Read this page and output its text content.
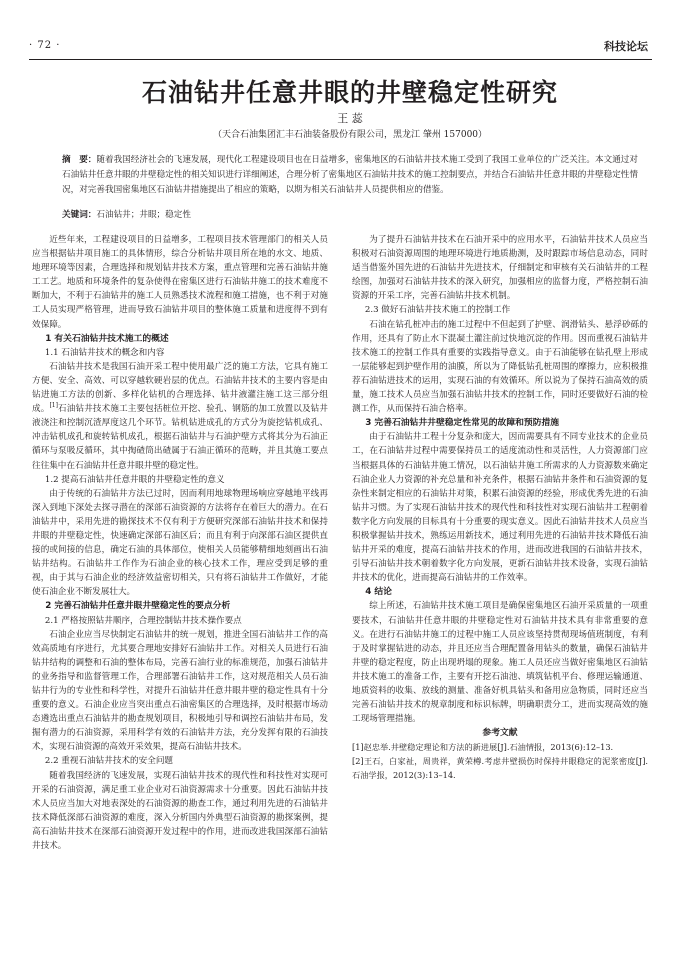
· 72 ·	科技论坛
石油钻井任意井眼的井壁稳定性研究
王 蕊
（天合石油集团汇丰石油装备股份有限公司，黑龙江 肇州 157000）
摘　要：随着我国经济社会的飞速发展，现代化工程建设项目也在日益增多，密集地区的石油钻井技术施工受到了我国工业单位的广泛关注。本文通过对石油钻井任意井眼的井壁稳定性的相关知识进行详细阐述，合理分析了密集地区石油钻井技术的施工控制要点，并结合石油钻井任意井眼的井壁稳定性情况，对完善我国密集地区石油钻井措施提出了相应的策略，以期为相关石油钻井人员提供相应的借鉴。
关键词：石油钻井；井眼；稳定性

近些年来，工程建设项目的日益增多，工程项目技术管理部门的相关人员应当根据钻井项目施工的具体情形，综合分析钻井项目所在地的水文、地质、地理环境等因素，合理选择和规划钻井技术方案，重点管理和完善石油钻井施工工艺。地质和环境条件的复杂使得在密集区进行石油钻井施工的技术难度不断加大，不利于石油钻井的施工人员熟悉技术流程和施工措施，也不利于对施工人员实现严格管理，进而导致石油钻井项目的整体施工质量和进度得不到有效保障。

1 有关石油钻井技术施工的概述
1.1 石油钻井技术的概念和内容

石油钻井技术是我国石油开采工程中使用最广泛的施工方法，它具有施工方便、安全、高效、可以穿越软硬岩层的优点。石油钻井技术的主要内容是由钻进施工方法的创新、多样化钻机的合理选择、钻井液灌注施工这三部分组成。[1]石油钻井技术施工主要包括桩位开挖、验孔、钢筋的加工放置以及钻井液浇注和控制沉渣厚度这几个环节。钻机钻进成孔的方式分为旋挖钻机成孔、冲击钻机成孔和旋转钻机成孔，根据石油钻井与石油护壁方式将其分为石油正循环与泵吸反循环，其中掏碴筒出碴属于石油正循环的范畴，并且其施工要点往往集中在石油钻井任意井眼井壁的稳定性。

1.2 提高石油钻井任意井眼的井壁稳定性的意义

由于传统的石油钻井方法已过时，因而利用地球物理场响应穿越地平线再深入到地下深处去探寻潜在的深部石油资源的方法将存在着巨大的潜力。在石油钻井中，采用先进的勘探技术不仅有利于方便研究深部石油钻井技术和保持井眼的井壁稳定性，快速确定深部石油区后；而且有利于向深部石油区提供直接的或间接的信息，确定石油的具体部位，使相关人员能够精细地刻画出石油钻井结构。石油钻井工作作为石油企业的核心技术工作，理应受到足够的重视，由于其与石油企业的经济效益密切相关，只有将石油钻井工作做好，才能使石油企业不断发展壮大。

2 完善石油钻井任意井眼井壁稳定性的要点分析
2.1 严格按照钻井顺序，合理控制钻井技术操作要点

石油企业应当尽快制定石油钻井的统一规划，推进全国石油钻井工作的高效高质地有序进行，尤其要合理地安排好石油钻井工作。对相关人员进行石油钻井结构的调整和石油的整体布局，完善石油行业的标准规范，加强石油钻井的业务指导和监督管理工作，合理部署石油钻井工作，这对规范相关人员石油钻井行为的专业性和科学性，对提升石油钻井任意井眼井壁的稳定性具有十分重要的意义。石油企业应当突出重点石油密集区的合理选择，及时根据市场动态遴选出重点石油钻井的勘查规划项目，积极地引导和调控石油钻井布局，发掘有潜力的石油资源，采用科学有效的石油钻井方法，充分发挥有限的石油技术，实现石油资源的高效开采效果，提高石油钻井技术。

2.2 重视石油钻井技术的安全问题

随着我国经济的飞速发展，实现石油钻井技术的现代性和科技性对实现可开采的石油资源，满足重工业企业对石油资源需求十分重要。因此石油钻井技术人员应当加大对地表深处的石油资源的勘查工作，通过利用先进的石油钻井技术降低深部石油资源的难度，深入分析国内外典型石油资源的勘探案例，提高石油钻井技术在深部石油资源开发过程中的作用，进而改进我国深部石油钻井技术。

为了提升石油钻井技术在石油开采中的应用水平，石油钻井技术人员应当积极对石油资源周围的地理环境进行地质勘测，及时跟踪市场信息动态，同时适当借鉴外国先进的石油钻井先进技术，仔细制定和审核有关石油钻井的工程绘图，加强对石油钻井技术的深入研究，加强相应的监督力度，严格控制石油资源的开采工序，完善石油钻井技术机制。

2.3 做好石油钻井技术施工的控制工作

石油在钻孔桩冲击的施工过程中不但起到了护壁、润滑钻头、悬浮砂砾的作用，还具有了防止水下混凝土灌注前过快地沉淀的作用。因而重视石油钻井技术施工的控制工作具有重要的实践指导意义。由于石油能够在钻孔壁上形成一层能够起到护壁作用的油膜，所以为了降低钻孔桩周围的摩擦力，应积极推荐石油钻进技术的运用，实现石油的有效循环。所以说为了保持石油高效的质量，施工技术人员应当加强石油钻井技术的控制工作，同时还要做好石油的检测工作，从而保持石油合格率。

3 完善石油钻井井壁稳定性常见的故障和预防措施

由于石油钻井工程十分复杂和庞大，因而需要具有不同专业技术的企业员工，在石油钻井过程中需要保持员工的适度流动性和灵活性，人力资源部门应当根据具体的石油钻井施工情况，以石油钻井施工所需求的人力资源数来确定石油企业人力资源的补充总量和补充条件，根据石油钻井条件和石油资源的复杂性来制定相应的石油钻井对策，积累石油资源的经验，形成优秀先进的石油钻井习惯。为了实现石油钻井技术的现代性和科技性对实现石油钻井工程朝着数字化方向发展的目标具有十分重要的现实意义。因此石油钻井技术人员应当积极掌握钻井技术，熟练运用新技术，通过利用先进的石油钻井技术降低石油钻井开采的难度，提高石油钻井技术的作用，进而改进我国的石油钻井技术，引导石油钻井技术朝着数字化方向发展，更新石油钻井技术设备，实现石油钻井技术的优化，进而提高石油钻井的工作效率。

4 结论

综上所述，石油钻井技术施工项目是确保密集地区石油开采质量的一项重要技术，石油钻井任意井眼的井壁稳定性对石油钻井技术具有非常重要的意义。在进行石油钻井施工的过程中施工人员应该坚持贯彻现场值班制度，有利于及时掌握钻进的动态，并且还应当合理配置备用钻头的数量，确保石油钻井井壁的稳定程度，防止出现坍塌的现象。施工人员还应当做好密集地区石油钻井技术施工的准备工作，主要有开挖石油池、填筑钻机平台、修理运输通道、地质资料的收集、放线的测量、准备好机具钻头和备用应急物质，同时还应当完善石油钻井技术的规章制度和标识标牌，明确职责分工，进而实现高效的施工现场管理措施。

参考文献
[1]赵忠举.井壁稳定理论和方法的新进展[J].石油情报，2013(6):12–13.
[2]王石，白家祉，周贵祥，黄荣樽.考虑井壁损伤时保持井眼稳定的泥浆密度[J].石油学报，2012(3):13–14.
